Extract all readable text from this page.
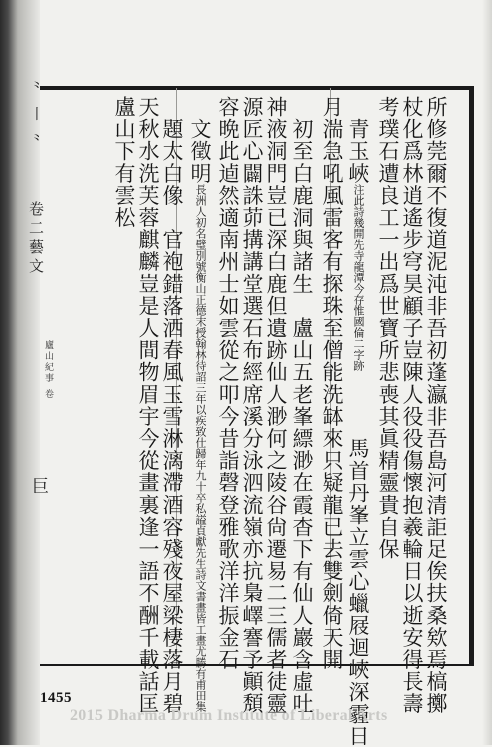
⺀ 丨 ⺀
卷二藝文
巨
廬山紀事 卷	所修莞爾不復道泥沌非吾初蓬瀛非吾島河清詎足俟扶桑欸焉槁擲
杖化爲林逍遙步穹昊顧子豈陳人役役傷懷抱羲輪日以逝安得長壽
考璞石遭良工一出爲世寶所悲喪其眞精靈貴自保
　青玉峽注此詩幾開先寺龍潭今存惟國倫二字跡　　　馬首丹峯立雲心蠟屐迴峽深霾日
月湍急吼風雷客有探珠至僧能洗缽來只疑龍已去雙劍倚天開
　初至白鹿洞與諸生　盧山五老峯縹渺在霞杳下有仙人巖含虛吐
神液洞門豈已深白鹿但遺跡仙人渺何之陵谷尙遷易二三儒者徒靈
源匠心闢誅茆搆講堂選石布經席溪分泳泗流嶺亦抗梟嶧謇予顚頽
容晩此逌然適南州士如雲從之叩今昔詣磬登雅歌洋洋振金石
　文徵明長洲人初名璧別號衡山正德末授翰林待詔三年以疾致仕歸年九十卒私謚貞獻先生詩文書畫皆工畫尤勝有甫田集
　題太白像　官袍錯落洒春風玉雪淋漓滯酒容殘夜屋梁棲落月碧
天秋水洗芙蓉麒麟豈是人間物眉宇今從畫裏逢一語不酬千載話匡
盧山下有雲松
1455
2015 Dharma Drum Institute of Liberal Arts
